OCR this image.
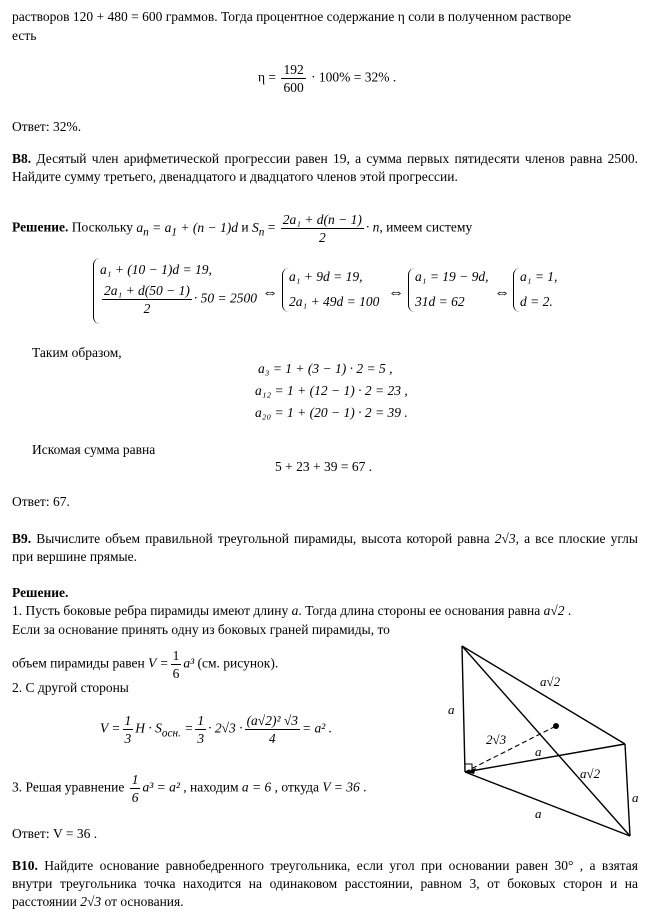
растворов 120 + 480 = 600 граммов. Тогда процентное содержание η соли в полученном растворе
есть
$\eta = \frac{192}{600} \cdot 100\% = 32\%$ .
Ответ: 32%.
В8. Десятый член арифметической прогрессии равен 19, а сумма первых пятидесяти членов равна 2500. Найдите сумму третьего, двенадцатого и двадцатого членов этой прогрессии.
Решение. Поскольку $a_n = a_1 + (n - 1)d$ и $S_n = \frac{\text{2a₁ + d(n − 1)}}{2} \cdot n$, имеем систему
a₁ + (10 − 1)d = 19,
$\frac{\text{2a₁ + d(50 − 1)}}{2} \cdot 50 = 2500$ ⇔
a₁ + 9d = 19,
2a₁ + 49d = 100
⇔
a₁ = 19 − 9d,
31d = 62
⇔
a₁ = 1,
d = 2.
Таким образом,
a₃ = 1 + (3 − 1) · 2 = 5 ,
a₁₂ = 1 + (12 − 1) · 2 = 23 ,
a₂₀ = 1 + (20 − 1) · 2 = 39 .
Искомая сумма равна
5 + 23 + 39 = 67 .
Ответ: 67.
В9. Вычислите объем правильной треугольной пирамиды, высота которой равна 2√3, а все плоские углы при вершине прямые.
Решение.
1. Пусть боковые ребра пирамиды имеют длину a. Тогда длина стороны ее основания равна a√2 .
Если за основание принять одну из боковых граней пирамиды, то
объем пирамиды равен $V = \frac{1}{6} a^3$ (см. рисунок).
2. С другой стороны
$V = \frac{1}{3}$ $H \cdot S_{осн.} = \frac{1}{3} \cdot 2√3 \cdot \frac{\text{(a√2)² √3}}{4} = a^2$ .
3. Решая уравнение $\frac{1}{6} a^3 = a^2$ , находим a = 6 , откуда V = 36 .
Ответ: V = 36 .
a
a√2
2√3
a
a√2
a
a
В10. Найдите основание равнобедренного треугольника, если угол при основании равен 30° , а взятая внутри треугольника точка находится на одинаковом расстоянии, равном 3, от боковых сторон и на расстоянии 2√3 от основания.
